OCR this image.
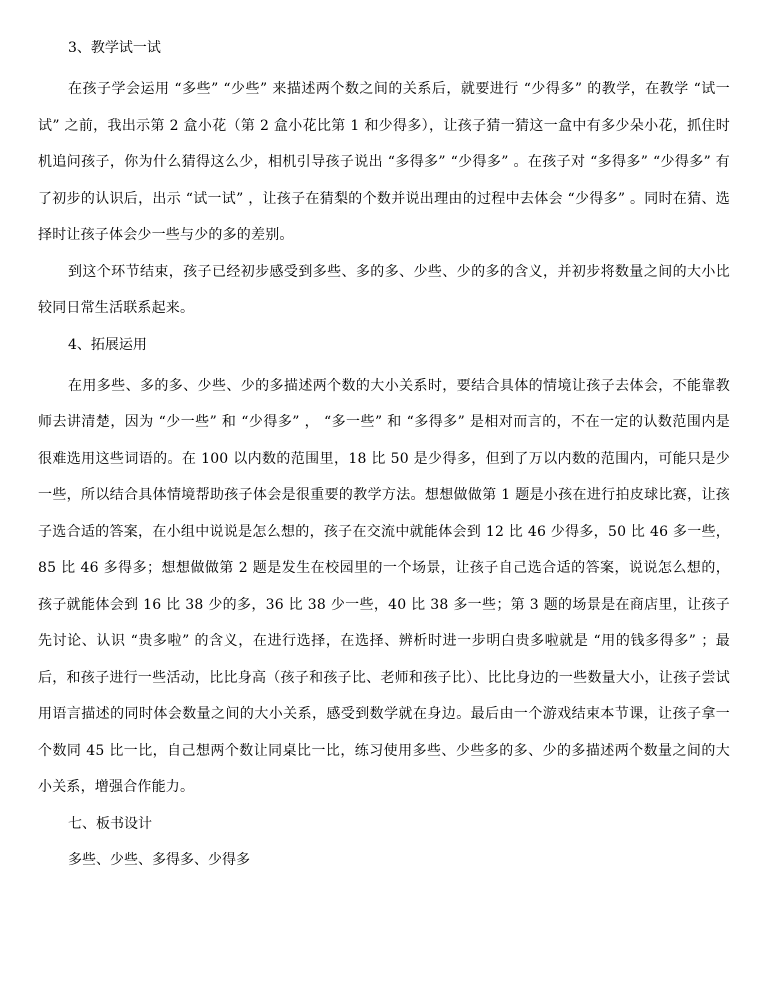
3、教学试一试

在孩子学会运用 “多些” “少些” 来描述两个数之间的关系后，就要进行 “少得多” 的教学，在教学 “试一试” 之前，我出示第 2 盒小花（第 2 盒小花比第 1 和少得多），让孩子猜一猜这一盒中有多少朵小花，抓住时机追问孩子，你为什么猜得这么少，相机引导孩子说出 “多得多” “少得多” 。在孩子对 “多得多” “少得多” 有了初步的认识后，出示 “试一试” ，让孩子在猜梨的个数并说出理由的过程中去体会 “少得多” 。同时在猜、选择时让孩子体会少一些与少的多的差别。

到这个环节结束，孩子已经初步感受到多些、多的多、少些、少的多的含义，并初步将数量之间的大小比较同日常生活联系起来。

4、拓展运用

在用多些、多的多、少些、少的多描述两个数的大小关系时，要结合具体的情境让孩子去体会，不能靠教师去讲清楚，因为 “少一些” 和 “少得多” ， “多一些” 和 “多得多” 是相对而言的，不在一定的认数范围内是很难选用这些词语的。在 100 以内数的范围里，18 比 50 是少得多，但到了万以内数的范围内，可能只是少一些，所以结合具体情境帮助孩子体会是很重要的教学方法。想想做做第 1 题是小孩在进行拍皮球比赛，让孩子选合适的答案，在小组中说说是怎么想的，孩子在交流中就能体会到 12 比 46 少得多，50 比 46 多一些，85 比 46 多得多；想想做做第 2 题是发生在校园里的一个场景，让孩子自己选合适的答案，说说怎么想的，孩子就能体会到 16 比 38 少的多，36 比 38 少一些，40 比 38 多一些；第 3 题的场景是在商店里，让孩子先讨论、认识 “贵多啦” 的含义，在进行选择，在选择、辨析时进一步明白贵多啦就是 “用的钱多得多” ；最后，和孩子进行一些活动，比比身高（孩子和孩子比、老师和孩子比）、比比身边的一些数量大小，让孩子尝试用语言描述的同时体会数量之间的大小关系，感受到数学就在身边。最后由一个游戏结束本节课，让孩子拿一个数同 45 比一比，自己想两个数让同桌比一比，练习使用多些、少些多的多、少的多描述两个数量之间的大小关系，增强合作能力。

七、板书设计

多些、少些、多得多、少得多
